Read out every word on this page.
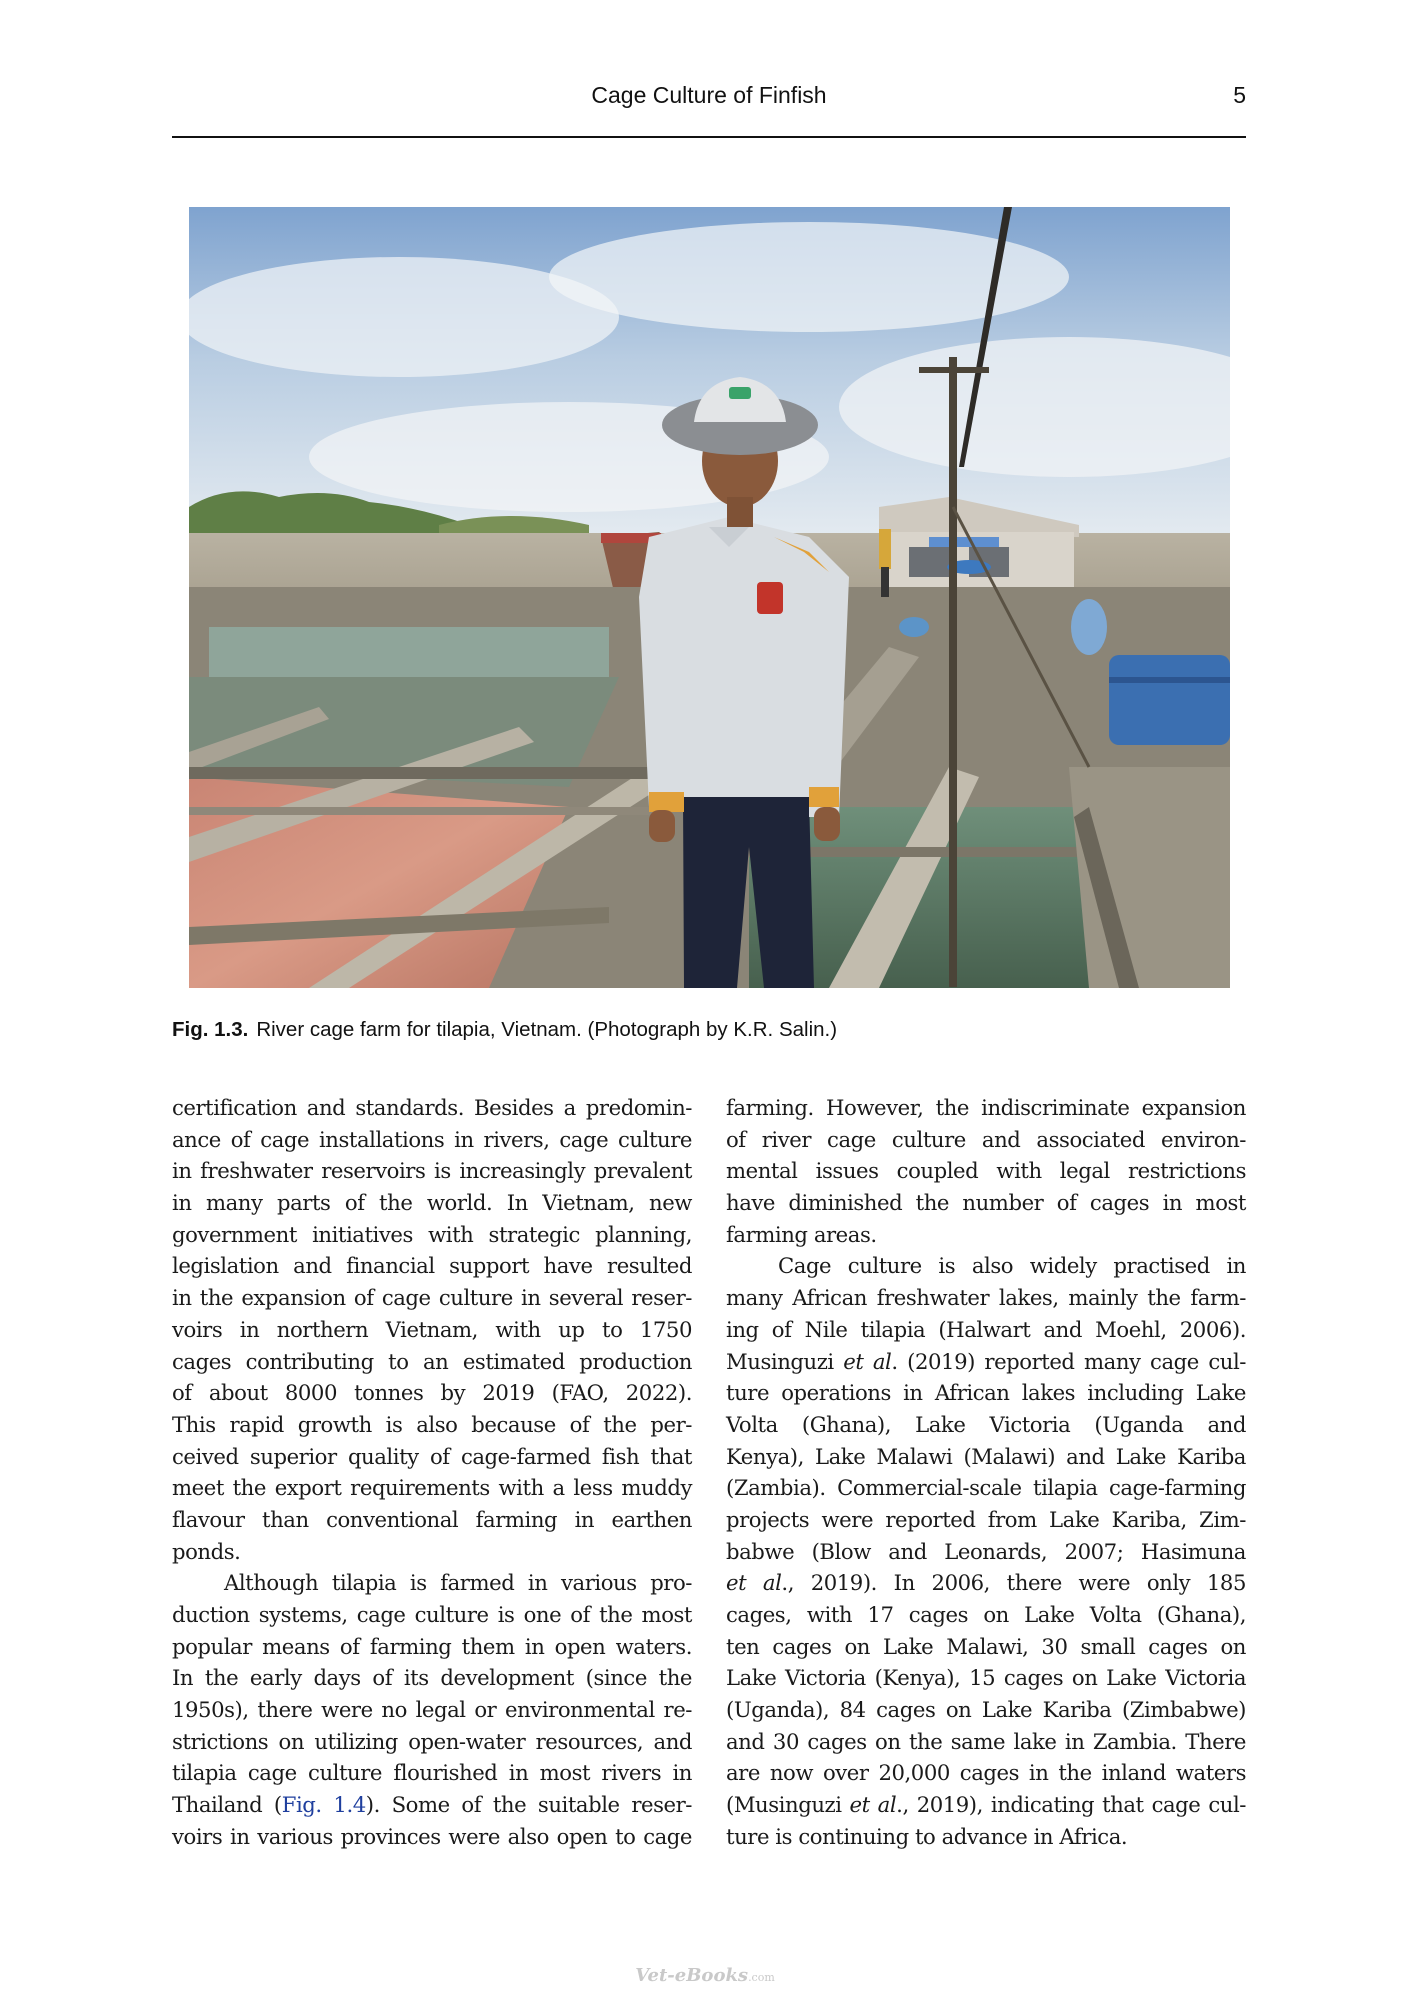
Cage Culture of Finfish	5
Fig. 1.3. River cage farm for tilapia, Vietnam. (Photograph by K.R. Salin.)
certification and standards. Besides a predomin-
ance of cage installations in rivers, cage culture
in freshwater reservoirs is increasingly prevalent
in many parts of the world. In Vietnam, new
government initiatives with strategic planning,
legislation and financial support have resulted
in the expansion of cage culture in several reser-
voirs in northern Vietnam, with up to 1750
cages contributing to an estimated production
of about 8000 tonnes by 2019 (FAO, 2022).
This rapid growth is also because of the per-
ceived superior quality of cage-farmed fish that
meet the export requirements with a less muddy
flavour than conventional farming in earthen
ponds.
Although tilapia is farmed in various pro-
duction systems, cage culture is one of the most
popular means of farming them in open waters.
In the early days of its development (since the
1950s), there were no legal or environmental re-
strictions on utilizing open-water resources, and
tilapia cage culture flourished in most rivers in
Thailand (Fig. 1.4). Some of the suitable reser-
voirs in various provinces were also open to cage
farming. However, the indiscriminate expansion
of river cage culture and associated environ-
mental issues coupled with legal restrictions
have diminished the number of cages in most
farming areas.
Cage culture is also widely practised in
many African freshwater lakes, mainly the farm-
ing of Nile tilapia (Halwart and Moehl, 2006).
Musinguzi et al. (2019) reported many cage cul-
ture operations in African lakes including Lake
Volta (Ghana), Lake Victoria (Uganda and
Kenya), Lake Malawi (Malawi) and Lake Kariba
(Zambia). Commercial-scale tilapia cage-farming
projects were reported from Lake Kariba, Zim-
babwe (Blow and Leonards, 2007; Hasimuna
et al., 2019). In 2006, there were only 185
cages, with 17 cages on Lake Volta (Ghana),
ten cages on Lake Malawi, 30 small cages on
Lake Victoria (Kenya), 15 cages on Lake Victoria
(Uganda), 84 cages on Lake Kariba (Zimbabwe)
and 30 cages on the same lake in Zambia. There
are now over 20,000 cages in the inland waters
(Musinguzi et al., 2019), indicating that cage cul-
ture is continuing to advance in Africa.
Vet-eBooks.com
